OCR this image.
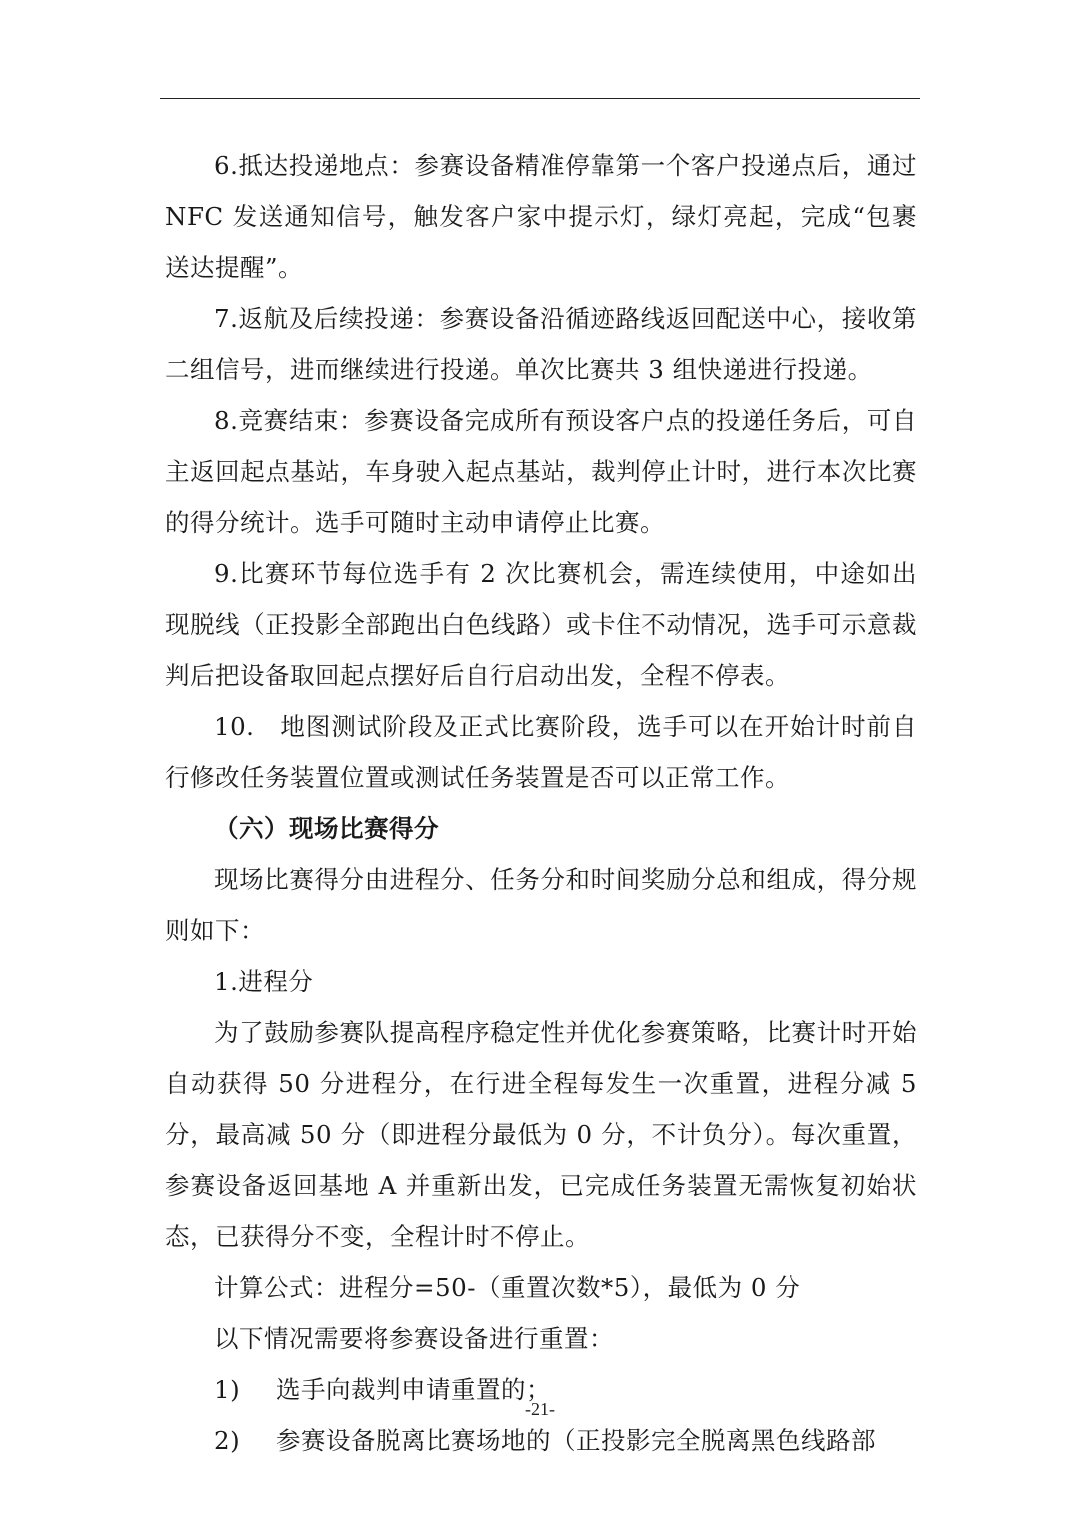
6.抵达投递地点：参赛设备精准停靠第一个客户投递点后，通过 NFC 发送通知信号，触发客户家中提示灯，绿灯亮起，完成“包裹送达提醒”。

7.返航及后续投递：参赛设备沿循迹路线返回配送中心，接收第二组信号，进而继续进行投递。单次比赛共 3 组快递进行投递。

8.竞赛结束：参赛设备完成所有预设客户点的投递任务后，可自主返回起点基站，车身驶入起点基站，裁判停止计时，进行本次比赛的得分统计。选手可随时主动申请停止比赛。

9.比赛环节每位选手有 2 次比赛机会，需连续使用，中途如出现脱线（正投影全部跑出白色线路）或卡住不动情况，选手可示意裁判后把设备取回起点摆好后自行启动出发，全程不停表。

10.　地图测试阶段及正式比赛阶段，选手可以在开始计时前自行修改任务装置位置或测试任务装置是否可以正常工作。

（六）现场比赛得分

现场比赛得分由进程分、任务分和时间奖励分总和组成，得分规则如下：

1.进程分

为了鼓励参赛队提高程序稳定性并优化参赛策略，比赛计时开始自动获得 50 分进程分，在行进全程每发生一次重置，进程分减 5 分，最高减 50 分（即进程分最低为 0 分，不计负分）。每次重置，参赛设备返回基地 A 并重新出发，已完成任务装置无需恢复初始状态，已获得分不变，全程计时不停止。

计算公式：进程分=50-（重置次数*5），最低为 0 分

以下情况需要将参赛设备进行重置：

1) 选手向裁判申请重置的；

2) 参赛设备脱离比赛场地的（正投影完全脱离黑色线路部

-21-
